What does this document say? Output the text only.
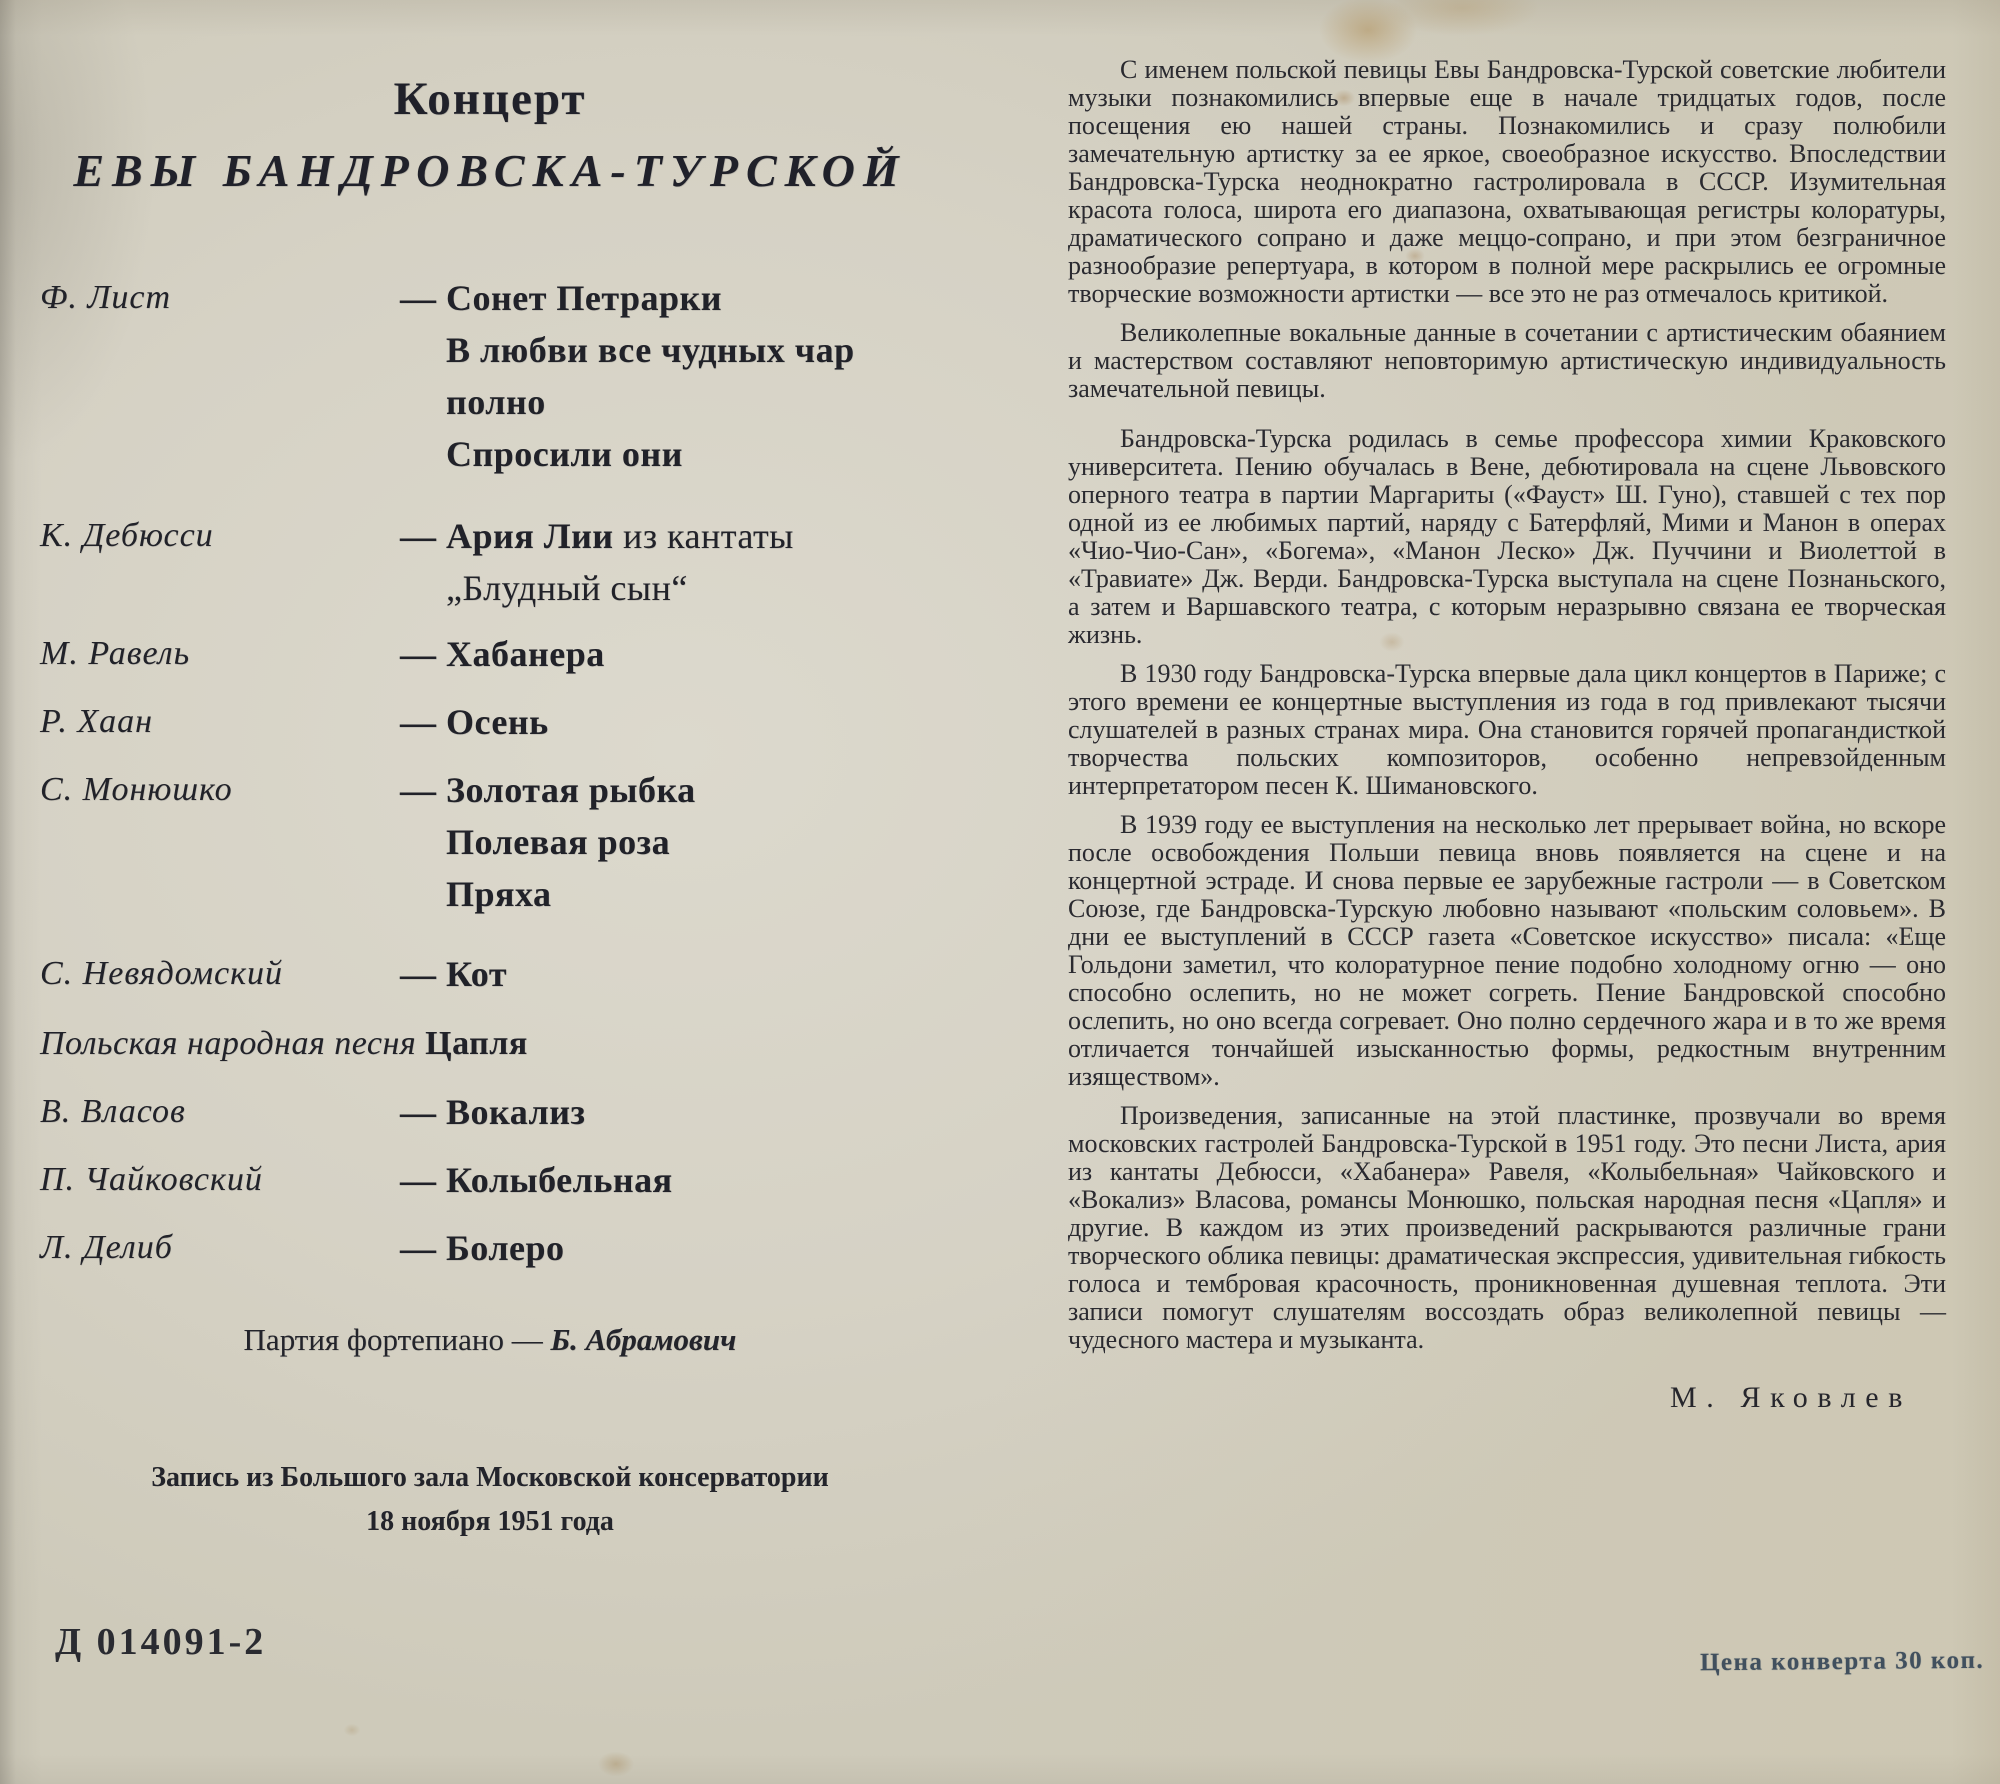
Концерт
ЕВЫ БАНДРОВСКА-ТУРСКОЙ
Ф. Лист	— Сонет Петрарки
В любви все чудных чар полно
Спросили они
К. Дебюсси	— Ария Лии из кантаты
„Блудный сын“
М. Равель	— Хабанера
Р. Хаан	— Осень
С. Монюшко	— Золотая рыбка
Полевая роза
Пряха
С. Невядомский	— Кот
Польская народная песня Цапля
В. Власов	— Вокализ
П. Чайковский	— Колыбельная
Л. Делиб	— Болеро
Партия фортепиано — Б. Абрамович
Запись из Большого зала Московской консерватории
18 ноября 1951 года
Д 014091-2

С именем польской певицы Евы Бандровска-Турской советские любители музыки познакомились впервые еще в начале тридцатых годов, после посещения ею нашей страны. Познакомились и сразу полюбили замечательную артистку за ее яркое, своеобразное искусство. Впоследствии Бандровска-Турска неоднократно гастролировала в СССР. Изумительная красота голоса, широта его диапазона, охватывающая регистры колоратуры, драматического сопрано и даже меццо-сопрано, и при этом безграничное разнообразие репертуара, в котором в полной мере раскрылись ее огромные творческие возможности артистки — все это не раз отмечалось критикой.

Великолепные вокальные данные в сочетании с артистическим обаянием и мастерством составляют неповторимую артистическую индивидуальность замечательной певицы.

Бандровска-Турска родилась в семье профессора химии Краковского университета. Пению обучалась в Вене, дебютировала на сцене Львовского оперного театра в партии Маргариты («Фауст» Ш. Гуно), ставшей с тех пор одной из ее любимых партий, наряду с Батерфляй, Мими и Манон в операх «Чио-Чио-Сан», «Богема», «Манон Леско» Дж. Пуччини и Виолеттой в «Травиате» Дж. Верди. Бандровска-Турска выступала на сцене Познаньского, а затем и Варшавского театра, с которым неразрывно связана ее творческая жизнь.

В 1930 году Бандровска-Турска впервые дала цикл концертов в Париже; с этого времени ее концертные выступления из года в год привлекают тысячи слушателей в разных странах мира. Она становится горячей пропагандисткой творчества польских композиторов, особенно непревзойденным интерпретатором песен К. Шимановского.

В 1939 году ее выступления на несколько лет прерывает война, но вскоре после освобождения Польши певица вновь появляется на сцене и на концертной эстраде. И снова первые ее зарубежные гастроли — в Советском Союзе, где Бандровска-Турскую любовно называют «польским соловьем». В дни ее выступлений в СССР газета «Советское искусство» писала: «Еще Гольдони заметил, что колоратурное пение подобно холодному огню — оно способно ослепить, но не может согреть. Пение Бандровской способно ослепить, но оно всегда согревает. Оно полно сердечного жара и в то же время отличается тончайшей изысканностью формы, редкостным внутренним изяществом».

Произведения, записанные на этой пластинке, прозвучали во время московских гастролей Бандровска-Турской в 1951 году. Это песни Листа, ария из кантаты Дебюсси, «Хабанера» Равеля, «Колыбельная» Чайковского и «Вокализ» Власова, романсы Монюшко, польская народная песня «Цапля» и другие. В каждом из этих произведений раскрываются различные грани творческого облика певицы: драматическая экспрессия, удивительная гибкость голоса и тембровая красочность, проникновенная душевная теплота. Эти записи помогут слушателям воссоздать образ великолепной певицы — чудесного мастера и музыканта.

М. Яковлев
Цена конверта 30 коп.
